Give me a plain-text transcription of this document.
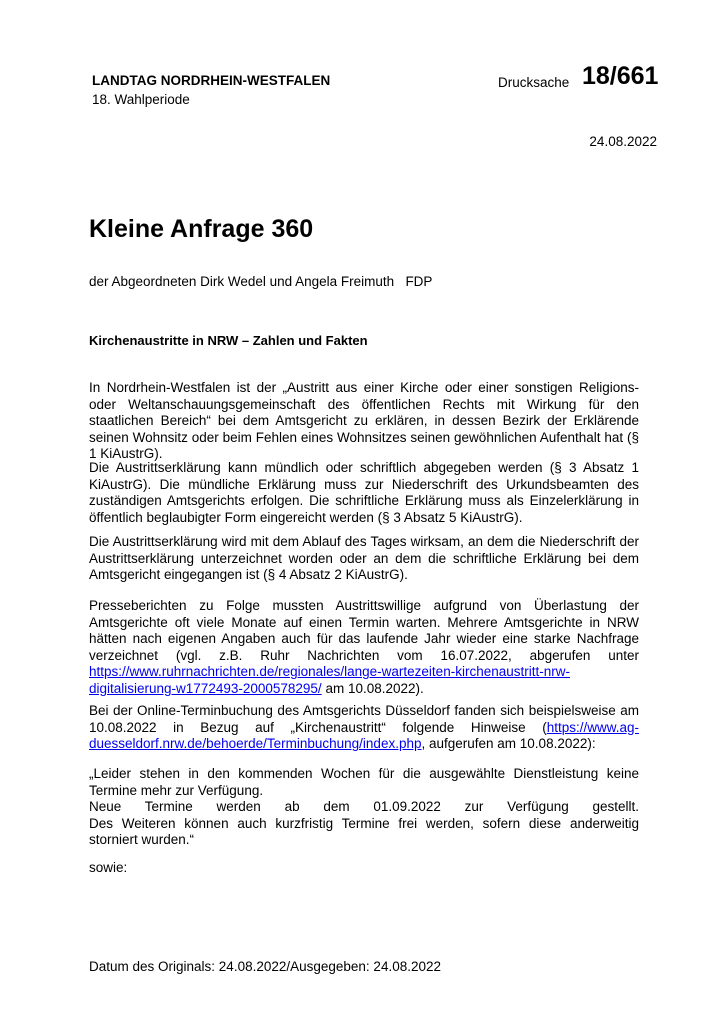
LANDTAG NORDRHEIN-WESTFALEN
18. Wahlperiode
Drucksache 18/661
24.08.2022
Kleine Anfrage 360
der Abgeordneten Dirk Wedel und Angela Freimuth   FDP
Kirchenaustritte in NRW – Zahlen und Fakten

In Nordrhein-Westfalen ist der „Austritt aus einer Kirche oder einer sonstigen Religions- oder Weltanschauungsgemeinschaft des öffentlichen Rechts mit Wirkung für den staatlichen Bereich“ bei dem Amtsgericht zu erklären, in dessen Bezirk der Erklärende seinen Wohnsitz oder beim Fehlen eines Wohnsitzes seinen gewöhnlichen Aufenthalt hat (§ 1 KiAustrG).

Die Austrittserklärung kann mündlich oder schriftlich abgegeben werden (§ 3 Absatz 1 KiAustrG). Die mündliche Erklärung muss zur Niederschrift des Urkundsbeamten des zuständigen Amtsgerichts erfolgen. Die schriftliche Erklärung muss als Einzelerklärung in öffentlich beglaubigter Form eingereicht werden (§ 3 Absatz 5 KiAustrG).

Die Austrittserklärung wird mit dem Ablauf des Tages wirksam, an dem die Niederschrift der Austrittserklärung unterzeichnet worden oder an dem die schriftliche Erklärung bei dem Amtsgericht eingegangen ist (§ 4 Absatz 2 KiAustrG).

Presseberichten zu Folge mussten Austrittswillige aufgrund von Überlastung der Amtsgerichte oft viele Monate auf einen Termin warten. Mehrere Amtsgerichte in NRW hätten nach eigenen Angaben auch für das laufende Jahr wieder eine starke Nachfrage verzeichnet (vgl. z.B. Ruhr Nachrichten vom 16.07.2022, abgerufen unter https://www.ruhrnachrichten.de/regionales/lange-wartezeiten-kirchenaustritt-nrw-digitalisierung-w1772493-2000578295/ am 10.08.2022).

Bei der Online-Terminbuchung des Amtsgerichts Düsseldorf fanden sich beispielsweise am 10.08.2022 in Bezug auf „Kirchenaustritt“ folgende Hinweise (https://www.ag-duesseldorf.nrw.de/behoerde/Terminbuchung/index.php, aufgerufen am 10.08.2022):

„Leider stehen in den kommenden Wochen für die ausgewählte Dienstleistung keine Termine mehr zur Verfügung.

Neue Termine werden ab dem 01.09.2022 zur Verfügung gestellt.

Des Weiteren können auch kurzfristig Termine frei werden, sofern diese anderweitig storniert wurden.“

sowie:

Datum des Originals: 24.08.2022/Ausgegeben: 24.08.2022
